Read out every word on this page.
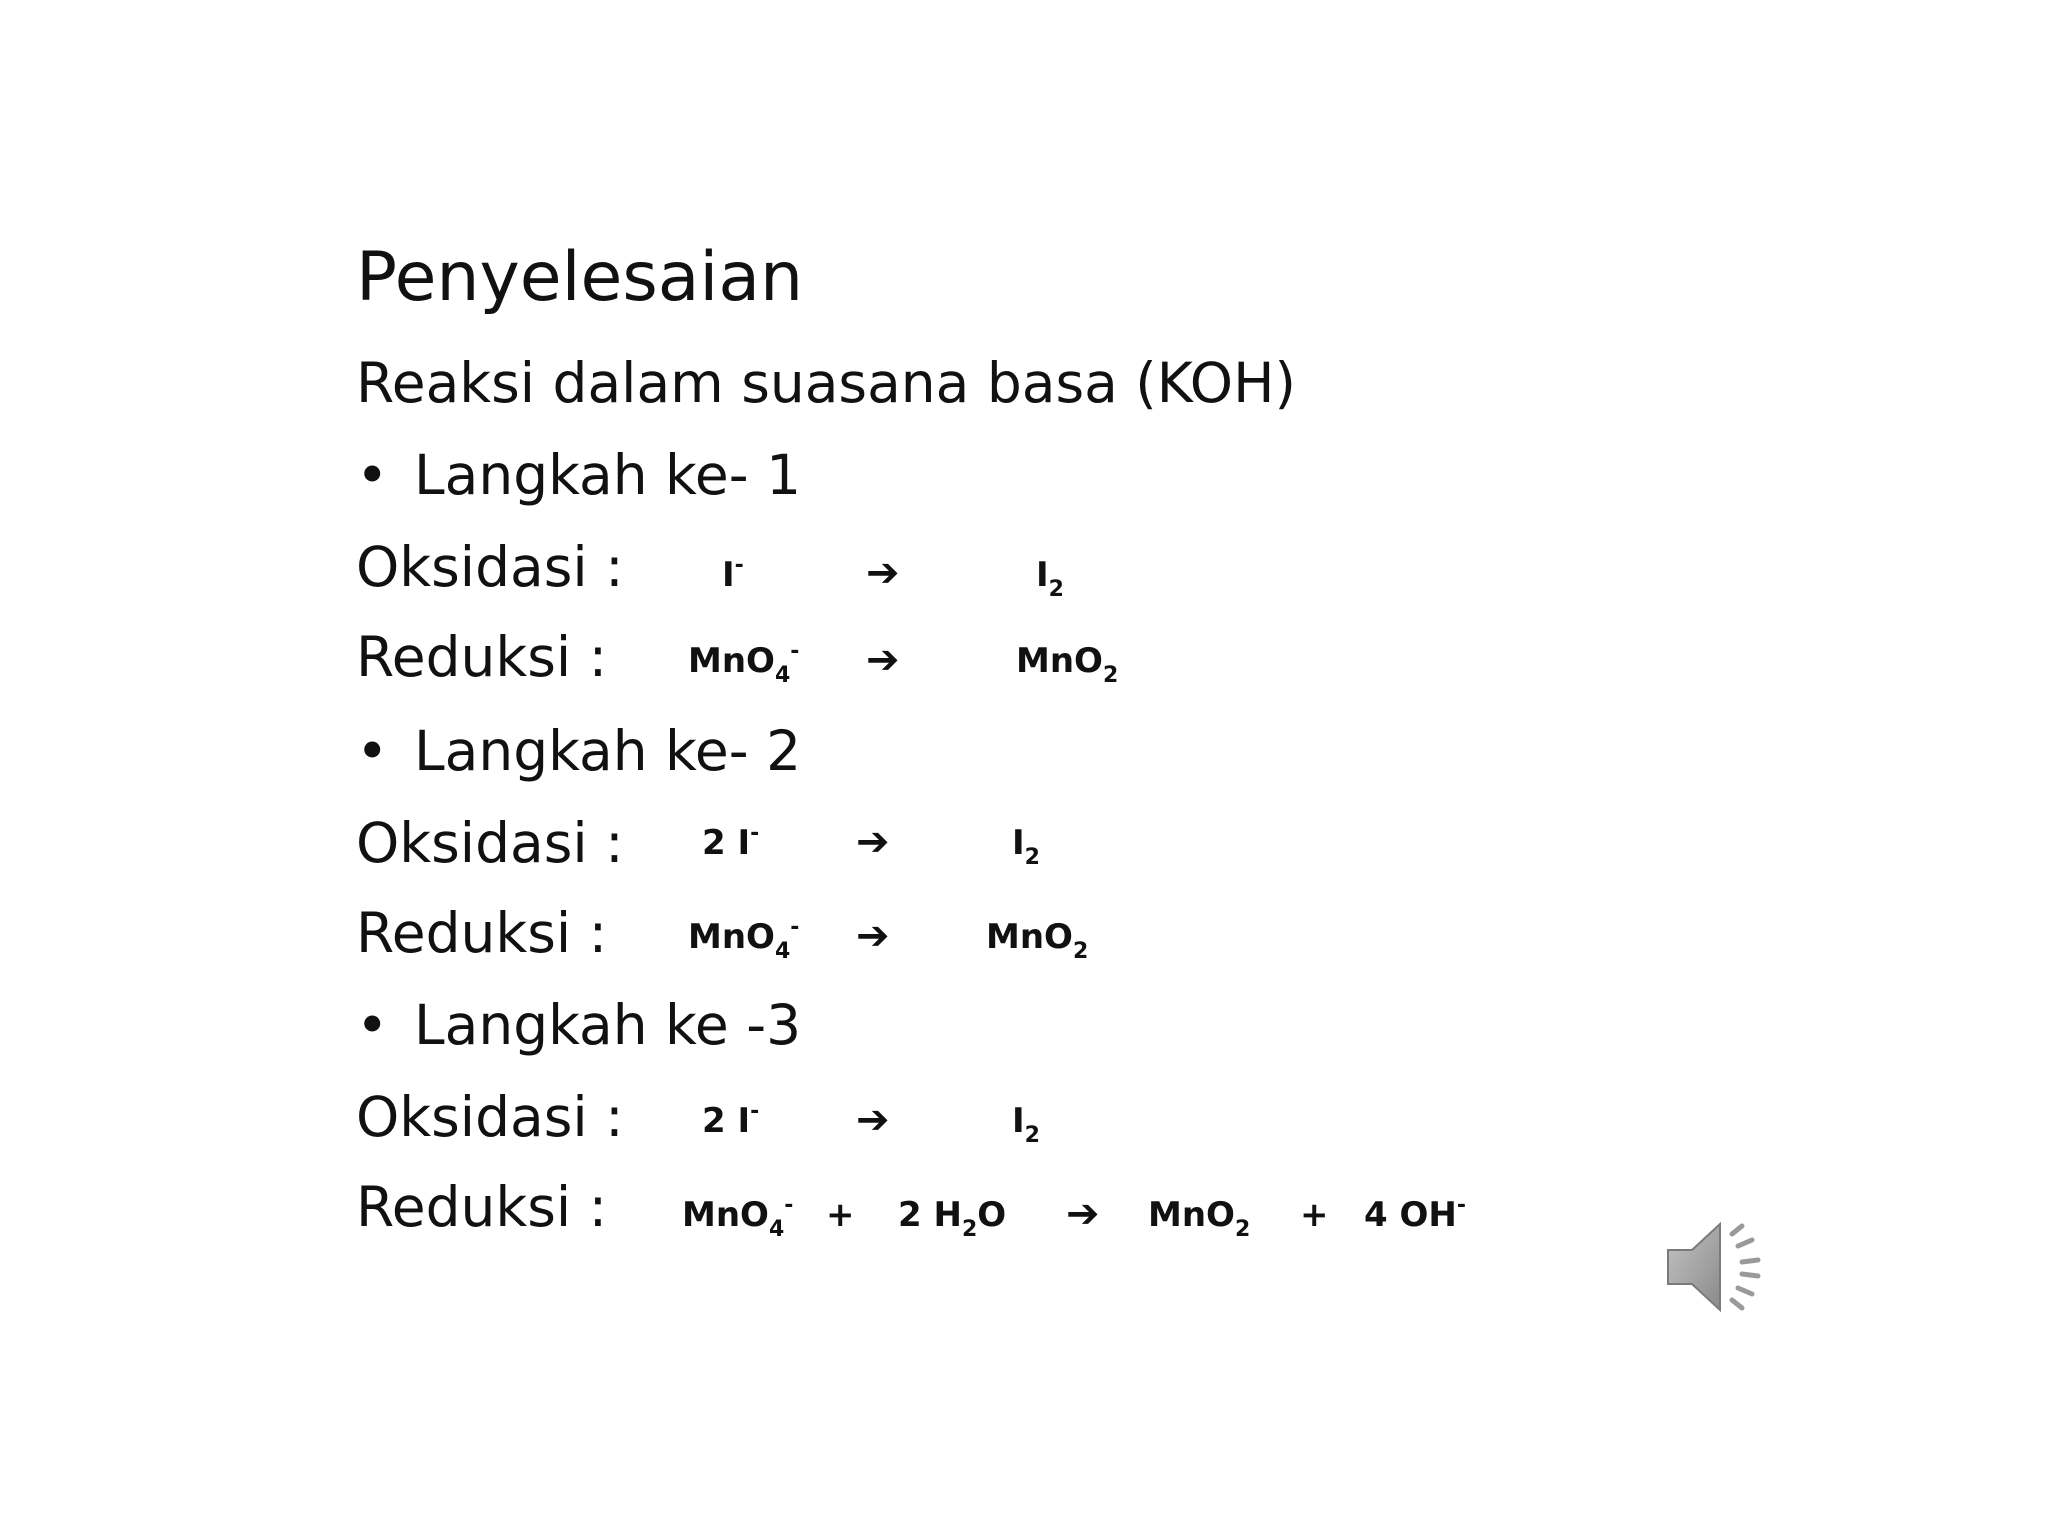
Penyelesaian
Reaksi dalam suasana basa (KOH)
• Langkah ke- 1
Oksidasi :	I-	➔	$I_2$
Reduksi : MnO$_4$- ➔	MnO$_2$
• Langkah ke- 2
Oksidasi : 2 I- ➔	$I_2$
Reduksi : MnO$_4$- ➔	MnO$_2$
• Langkah ke -3
Oksidasi : 2 I- ➔	$I_2$
Reduksi : MnO$_4$- + 2 $H_2O$ ➔ MnO$_2$ + 4 OH-
